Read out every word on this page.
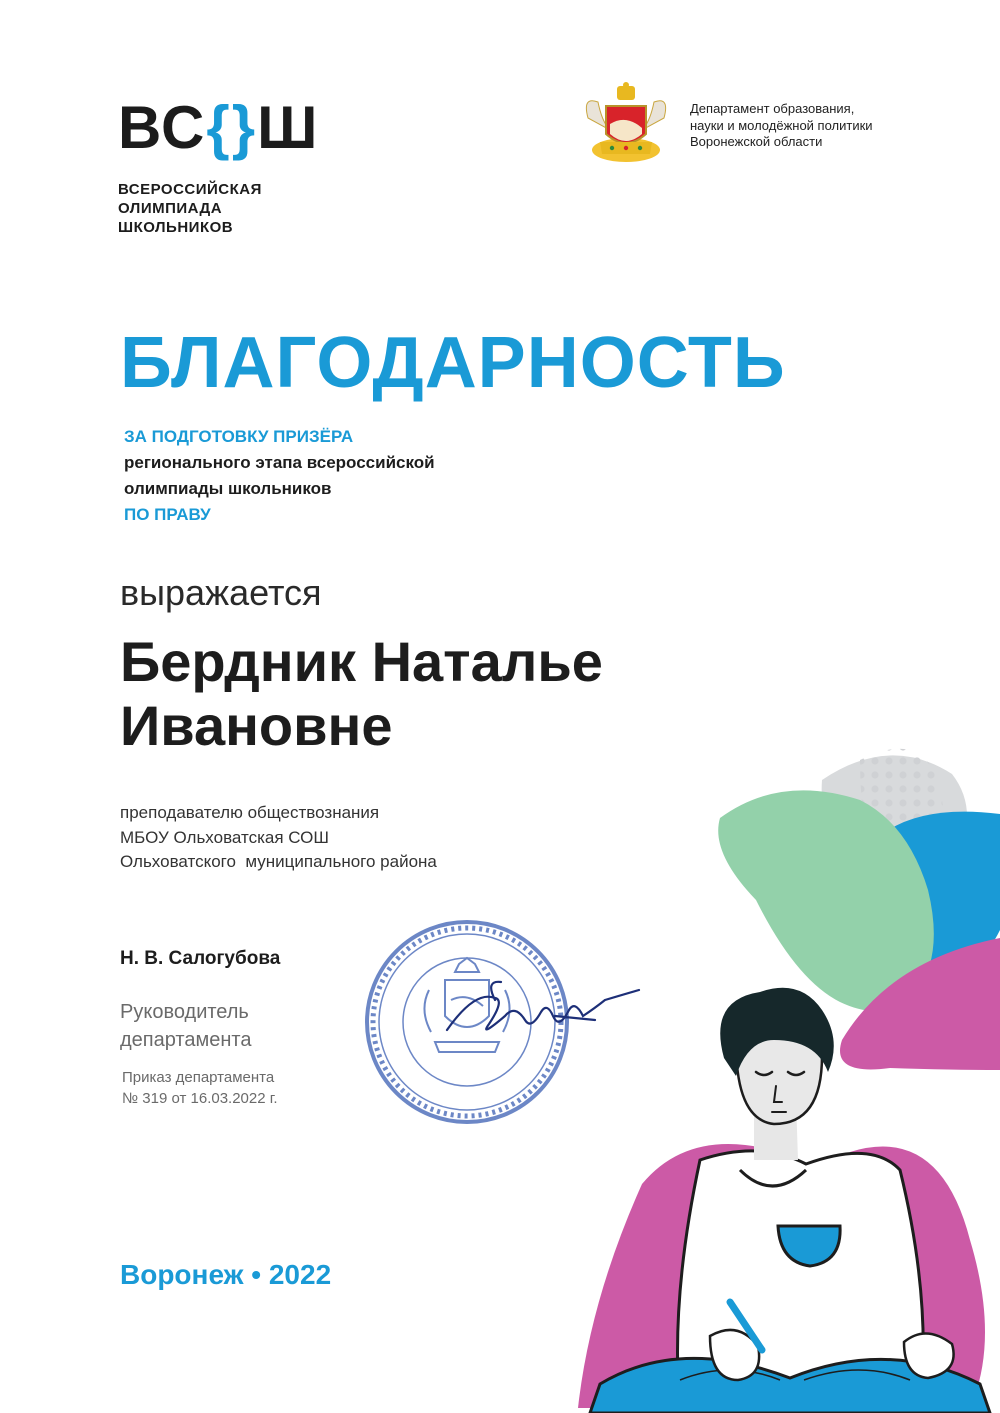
ВС { } Ш
ВСЕРОССИЙСКАЯ
ОЛИМПИАДА
ШКОЛЬНИКОВ
Департамент образования,
науки и молодёжной политики
Воронежской области
БЛАГОДАРНОСТЬ
ЗА ПОДГОТОВКУ ПРИЗЁРА
регионального этапа всероссийской
олимпиады школьников
ПО ПРАВУ
выражается
Бердник Наталье
Ивановне
преподавателю обществознания
МБОУ Ольховатская СОШ
Ольховатского  муниципального района
Н. В. Салогубова
Руководитель
департамента
Приказ департамента
№ 319 от 16.03.2022 г.
Воронеж • 2022
